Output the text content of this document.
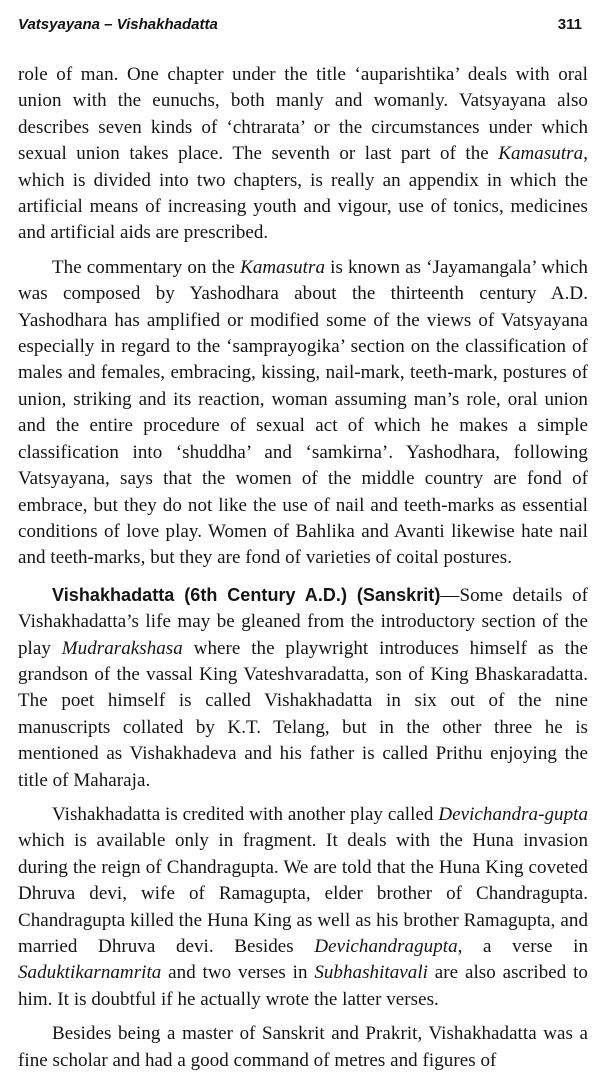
Vatsyayana – Vishakhadatta	311

role of man. One chapter under the title ‘auparishtika’ deals with oral union with the eunuchs, both manly and womanly. Vatsyayana also describes seven kinds of ‘chtrarata’ or the circumstances under which sexual union takes place. The seventh or last part of the Kamasutra, which is divided into two chapters, is really an appendix in which the artificial means of increasing youth and vigour, use of tonics, medicines and artificial aids are prescribed.

The commentary on the Kamasutra is known as ‘Jayamangala’ which was composed by Yashodhara about the thirteenth century A.D. Yashodhara has amplified or modified some of the views of Vatsyayana especially in regard to the ‘samprayogika’ section on the classification of males and females, embracing, kissing, nail-mark, teeth-mark, postures of union, striking and its reaction, woman assuming man’s role, oral union and the entire procedure of sexual act of which he makes a simple classification into ‘shuddha’ and ‘samkirna’. Yashodhara, following Vatsyayana, says that the women of the middle country are fond of embrace, but they do not like the use of nail and teeth-marks as essential conditions of love play. Women of Bahlika and Avanti likewise hate nail and teeth-marks, but they are fond of varieties of coital postures.

Vishakhadatta (6th Century A.D.) (Sanskrit)—Some details of Vishakhadatta’s life may be gleaned from the introductory section of the play Mudrarakshasa where the playwright introduces himself as the grandson of the vassal King Vateshvaradatta, son of King Bhaskaradatta. The poet himself is called Vishakhadatta in six out of the nine manuscripts collated by K.T. Telang, but in the other three he is mentioned as Vishakhadeva and his father is called Prithu enjoying the title of Maharaja.

Vishakhadatta is credited with another play called Devichandra-gupta which is available only in fragment. It deals with the Huna invasion during the reign of Chandragupta. We are told that the Huna King coveted Dhruva devi, wife of Ramagupta, elder brother of Chandragupta. Chandragupta killed the Huna King as well as his brother Ramagupta, and married Dhruva devi. Besides Devichandragupta, a verse in Saduktikarnamrita and two verses in Subhashitavali are also ascribed to him. It is doubtful if he actually wrote the latter verses.

Besides being a master of Sanskrit and Prakrit, Vishakhadatta was a fine scholar and had a good command of metres and figures of
